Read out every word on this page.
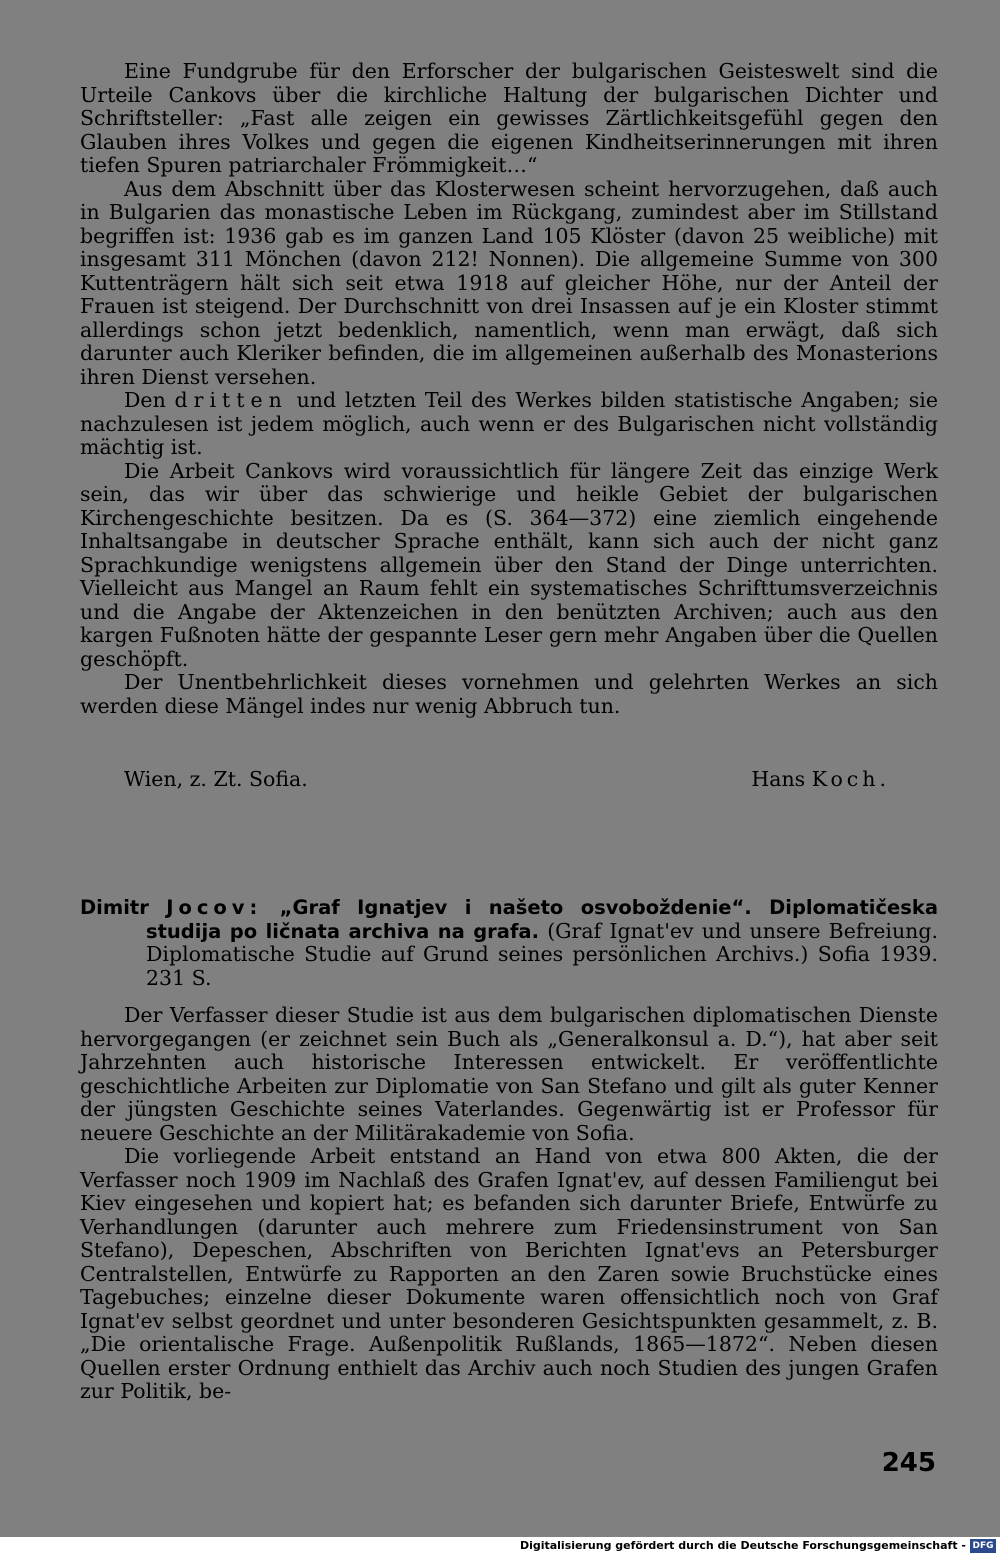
Eine Fundgrube für den Erforscher der bulgarischen Geisteswelt sind die Urteile Cankovs über die kirchliche Haltung der bulgarischen Dichter und Schriftsteller: „Fast alle zeigen ein gewisses Zärtlichkeitsgefühl gegen den Glauben ihres Volkes und gegen die eigenen Kindheitserinnerungen mit ihren tiefen Spuren patriarchaler Frömmigkeit…“

Aus dem Abschnitt über das Klosterwesen scheint hervorzugehen, daß auch in Bulgarien das monastische Leben im Rückgang, zumindest aber im Stillstand begriffen ist: 1936 gab es im ganzen Land 105 Klöster (davon 25 weibliche) mit insgesamt 311 Mönchen (davon 212! Nonnen). Die allgemeine Summe von 300 Kuttenträgern hält sich seit etwa 1918 auf gleicher Höhe, nur der Anteil der Frauen ist steigend. Der Durchschnitt von drei Insassen auf je ein Kloster stimmt allerdings schon jetzt bedenklich, namentlich, wenn man erwägt, daß sich darunter auch Kleriker befinden, die im allgemeinen außerhalb des Monasterions ihren Dienst versehen.

Den dritten und letzten Teil des Werkes bilden statistische Angaben; sie nachzulesen ist jedem möglich, auch wenn er des Bulgarischen nicht vollständig mächtig ist.

Die Arbeit Cankovs wird voraussichtlich für längere Zeit das einzige Werk sein, das wir über das schwierige und heikle Gebiet der bulgarischen Kirchengeschichte besitzen. Da es (S. 364—372) eine ziemlich eingehende Inhaltsangabe in deutscher Sprache enthält, kann sich auch der nicht ganz Sprachkundige wenigstens allgemein über den Stand der Dinge unterrichten. Vielleicht aus Mangel an Raum fehlt ein systematisches Schrifttumsverzeichnis und die Angabe der Aktenzeichen in den benützten Archiven; auch aus den kargen Fußnoten hätte der gespannte Leser gern mehr Angaben über die Quellen geschöpft.

Der Unentbehrlichkeit dieses vornehmen und gelehrten Werkes an sich werden diese Mängel indes nur wenig Abbruch tun.

Wien, z. Zt. Sofia.	Hans Koch.

Dimitr Jocov: „Graf Ignatjev i našeto osvoboždenie“. Diplomatičeska studija po ličnata archiva na grafa. (Graf Ignat'ev und unsere Befreiung. Diplomatische Studie auf Grund seines persönlichen Archivs.) Sofia 1939. 231 S.

Der Verfasser dieser Studie ist aus dem bulgarischen diplomatischen Dienste hervorgegangen (er zeichnet sein Buch als „Generalkonsul a. D.“), hat aber seit Jahrzehnten auch historische Interessen entwickelt. Er veröffentlichte geschichtliche Arbeiten zur Diplomatie von San Stefano und gilt als guter Kenner der jüngsten Geschichte seines Vaterlandes. Gegenwärtig ist er Professor für neuere Geschichte an der Militärakademie von Sofia.

Die vorliegende Arbeit entstand an Hand von etwa 800 Akten, die der Verfasser noch 1909 im Nachlaß des Grafen Ignat'ev, auf dessen Familiengut bei Kiev eingesehen und kopiert hat; es befanden sich darunter Briefe, Entwürfe zu Verhandlungen (darunter auch mehrere zum Friedensinstrument von San Stefano), Depeschen, Abschriften von Berichten Ignat'evs an Petersburger Centralstellen, Entwürfe zu Rapporten an den Zaren sowie Bruchstücke eines Tagebuches; einzelne dieser Dokumente waren offensichtlich noch von Graf Ignat'ev selbst geordnet und unter besonderen Gesichtspunkten gesammelt, z. B. „Die orientalische Frage. Außenpolitik Rußlands, 1865—1872“. Neben diesen Quellen erster Ordnung enthielt das Archiv auch noch Studien des jungen Grafen zur Politik, be-

245
Digitalisierung gefördert durch die Deutsche Forschungsgemeinschaft - DFG
